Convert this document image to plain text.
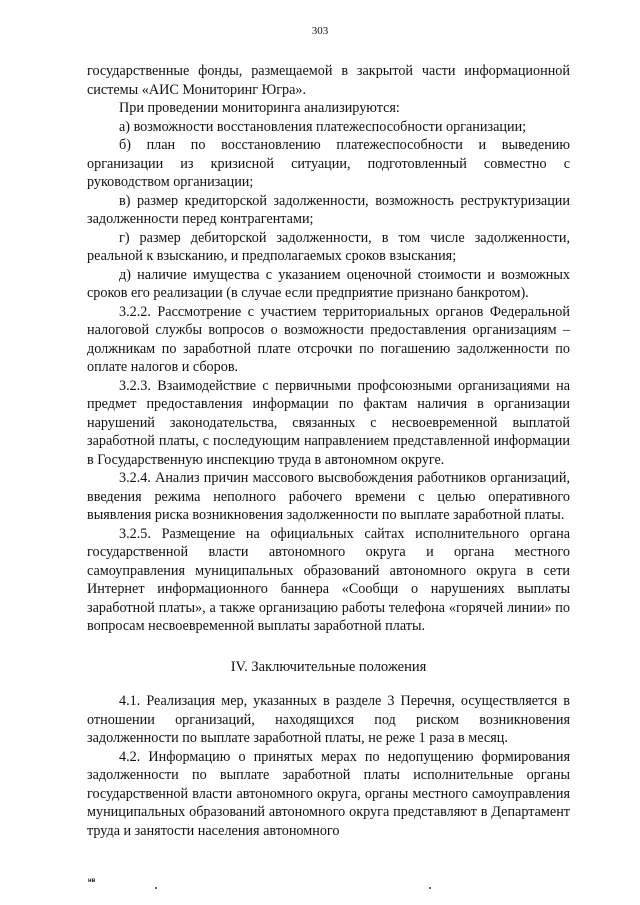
303

государственные фонды, размещаемой в закрытой части информационной системы «АИС Мониторинг Югра».

При проведении мониторинга анализируются:

а) возможности восстановления платежеспособности организации;

б) план по восстановлению платежеспособности и выведению организации из кризисной ситуации, подготовленный совместно с руководством организации;

в) размер кредиторской задолженности, возможность реструктуризации задолженности перед контрагентами;

г) размер дебиторской задолженности, в том числе задолженности, реальной к взысканию, и предполагаемых сроков взыскания;

д) наличие имущества с указанием оценочной стоимости и возможных сроков его реализации (в случае если предприятие признано банкротом).

3.2.2. Рассмотрение с участием территориальных органов Федеральной налоговой службы вопросов о возможности предоставления организациям – должникам по заработной плате отсрочки по погашению задолженности по оплате налогов и сборов.

3.2.3. Взаимодействие с первичными профсоюзными организациями на предмет предоставления информации по фактам наличия в организации нарушений законодательства, связанных с несвоевременной выплатой заработной платы, с последующим направлением представленной информации в Государственную инспекцию труда в автономном округе.

3.2.4. Анализ причин массового высвобождения работников организаций, введения режима неполного рабочего времени с целью оперативного выявления риска возникновения задолженности по выплате заработной платы.

3.2.5. Размещение на официальных сайтах исполнительного органа государственной власти автономного округа и органа местного самоуправления муниципальных образований автономного округа в сети Интернет информационного баннера «Сообщи о нарушениях выплаты заработной платы», а также организацию работы телефона «горячей линии» по вопросам несвоевременной выплаты заработной платы.

IV. Заключительные положения

4.1. Реализация мер, указанных в разделе 3 Перечня, осуществляется в отношении организаций, находящихся под риском возникновения задолженности по выплате заработной платы, не реже 1 раза в месяц.

4.2. Информацию о принятых мерах по недопущению формирования задолженности по выплате заработной платы исполнительные органы государственной власти автономного округа, органы местного самоуправления муниципальных образований автономного округа представляют в Департамент труда и занятости населения автономного

нв
